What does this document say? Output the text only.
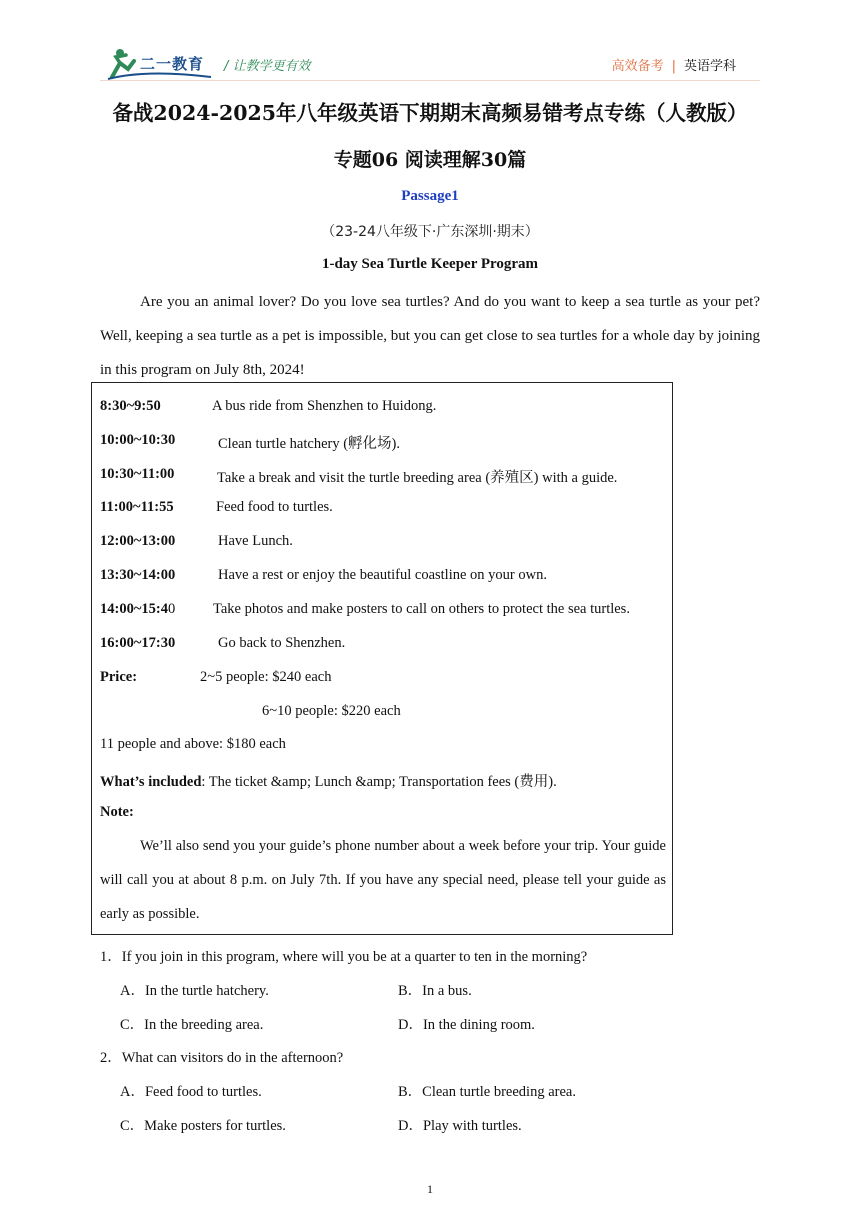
二一教育 / 让教学更有效	高效备考 | 英语学科
备战2024-2025年八年级英语下期期末高频易错考点专练（人教版）
专题06 阅读理解30篇
Passage1
（23-24八年级下·广东深圳·期末）
1-day Sea Turtle Keeper Program

Are you an animal lover? Do you love sea turtles? And do you want to keep a sea turtle as your pet? Well, keeping a sea turtle as a pet is impossible, but you can get close to sea turtles for a whole day by joining in this program on July 8th, 2024!

8:30~9:50	A bus ride from Shenzhen to Huidong.
10:00~10:30	Clean turtle hatchery (孵化场).
10:30~11:00	Take a break and visit the turtle breeding area (养殖区) with a guide.
11:00~11:55	Feed food to turtles.
12:00~13:00	Have Lunch.
13:30~14:00	Have a rest or enjoy the beautiful coastline on your own.
14:00~15:40	Take photos and make posters to call on others to protect the sea turtles.
16:00~17:30	Go back to Shenzhen.
Price:	2~5 people: $240 each
6~10 people: $220 each
11 people and above: $180 each
What’s included: The ticket &amp; Lunch &amp; Transportation fees (费用).
Note:

We’ll also send you your guide’s phone number about a week before your trip. Your guide will call you at about 8 p.m. on July 7th. If you have any special need, please tell your guide as early as possible.

1．If you join in this program, where will you be at a quarter to ten in the morning?
A．In the turtle hatchery.	B．In a bus.
C．In the breeding area.	D．In the dining room.
2．What can visitors do in the afternoon?
A．Feed food to turtles.	B．Clean turtle breeding area.
C．Make posters for turtles.	D．Play with turtles.
1
